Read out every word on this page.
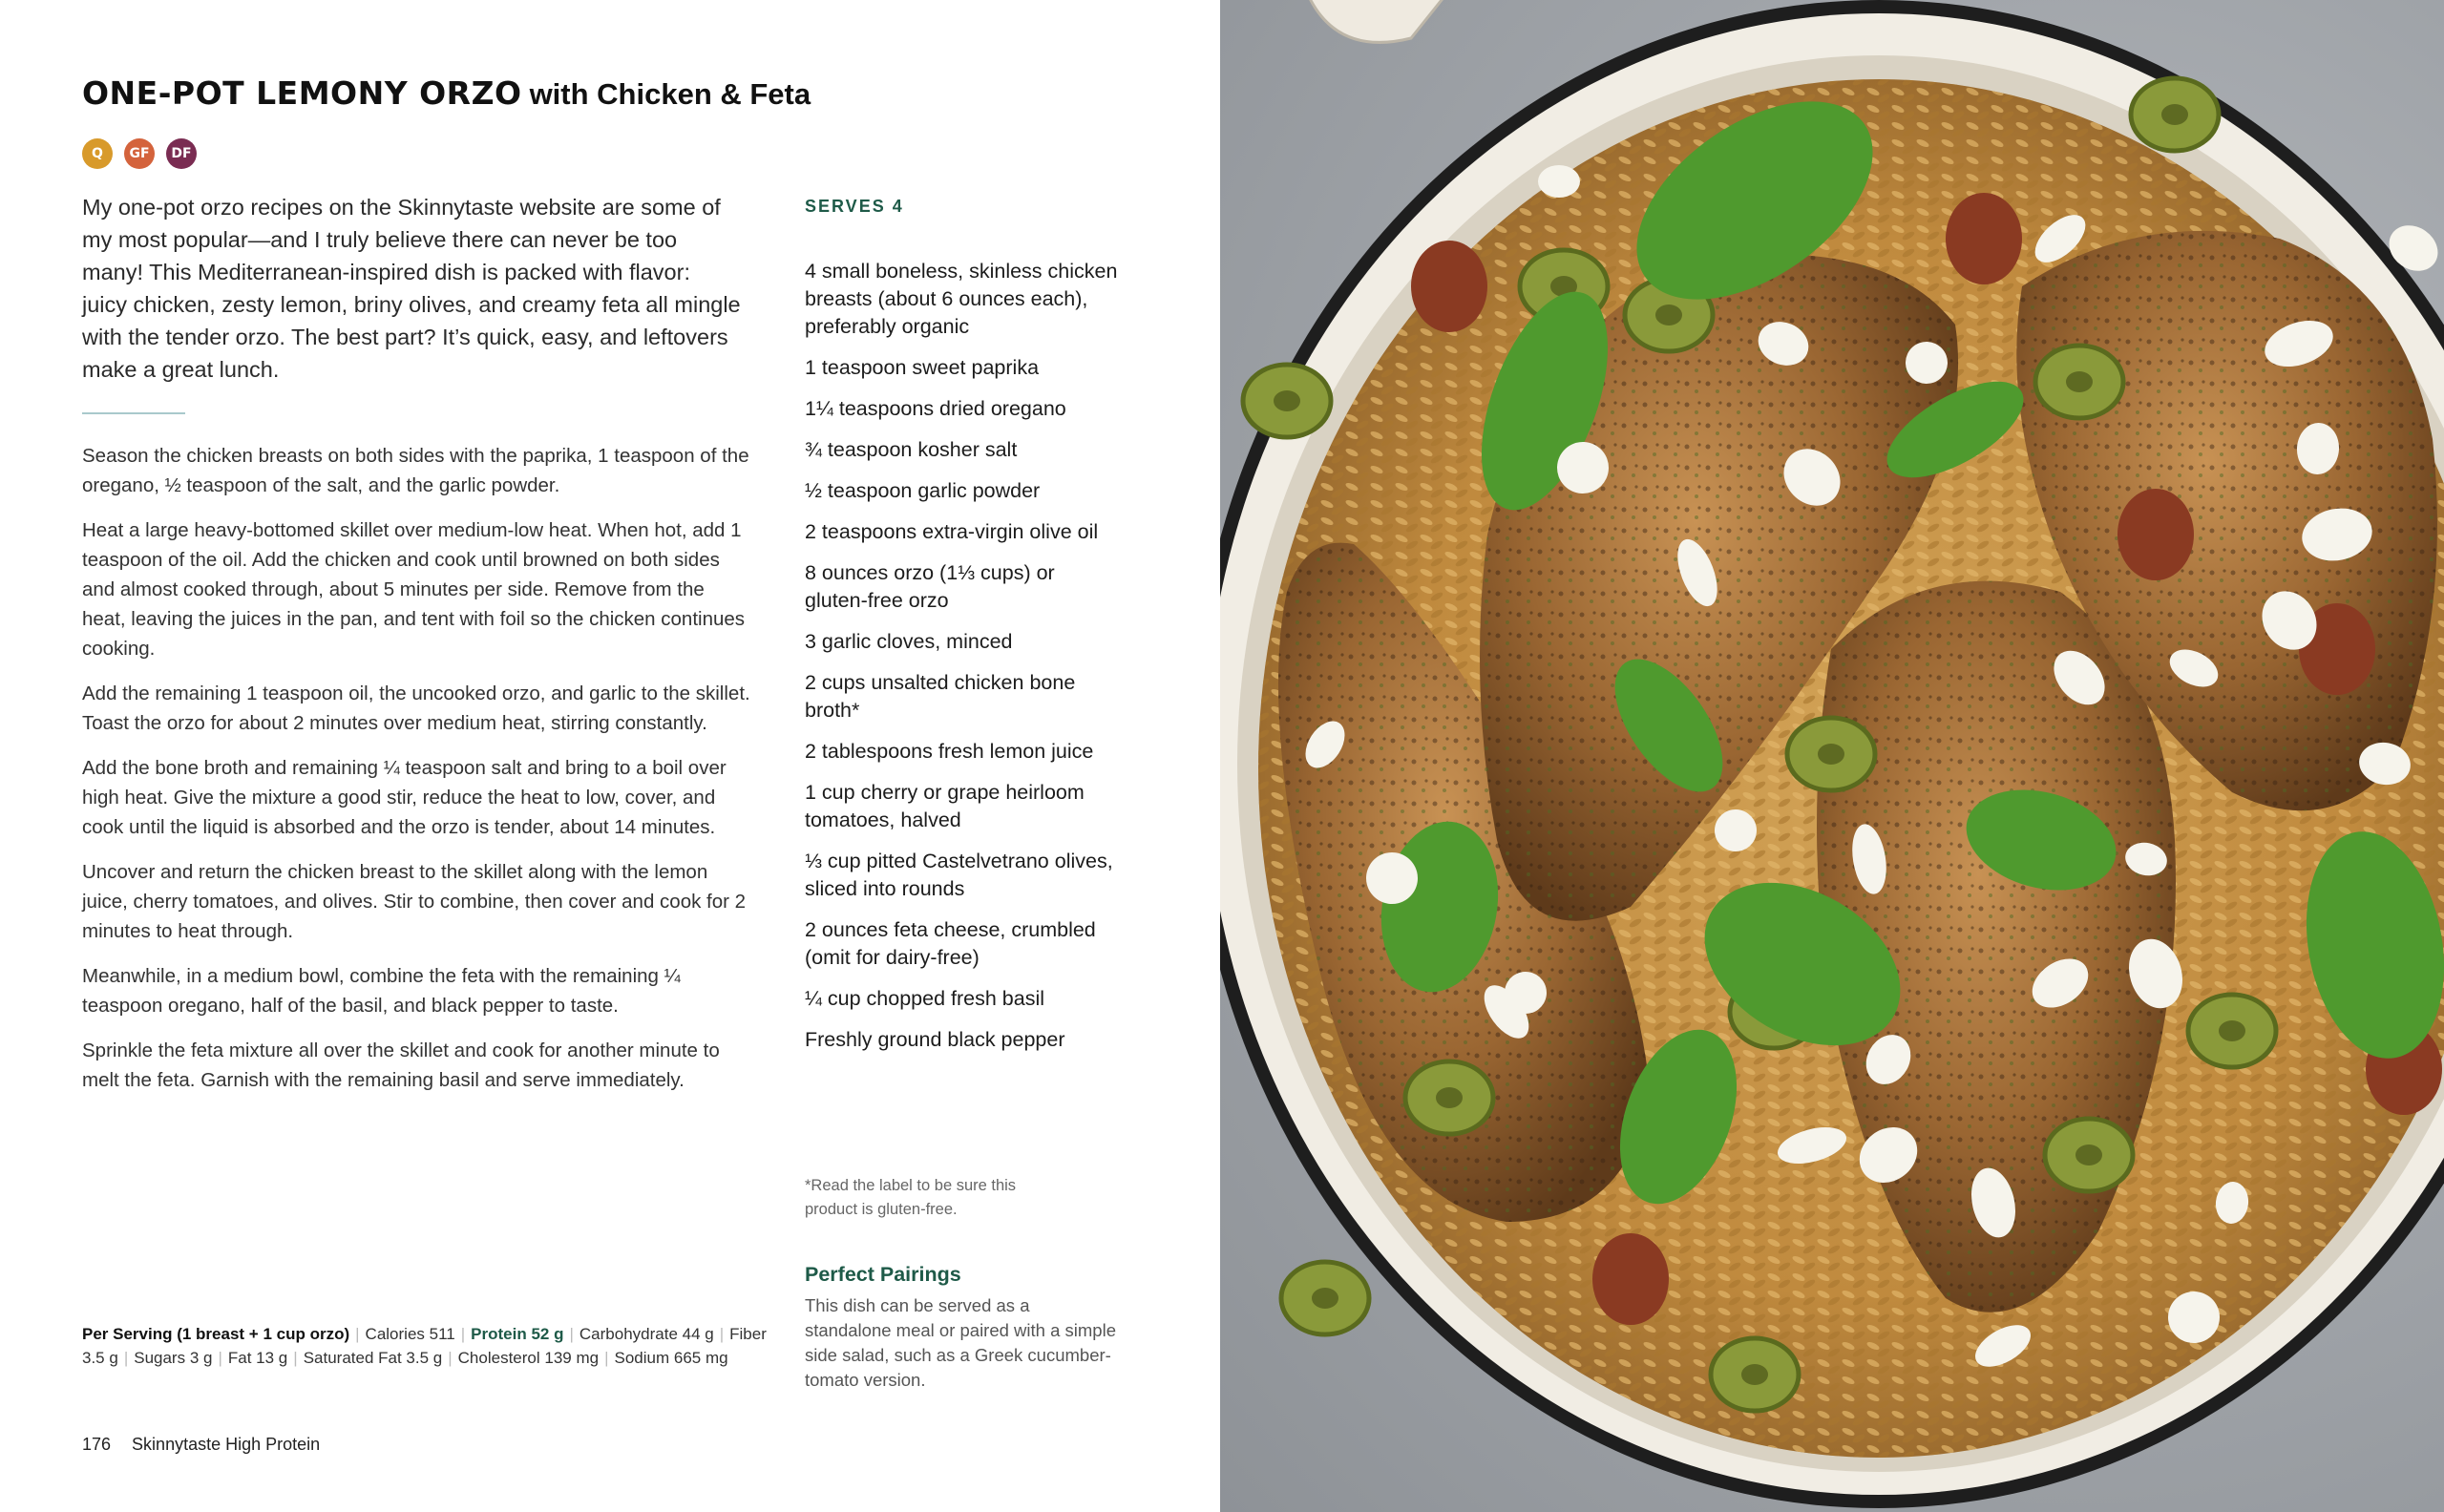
ONE-POT LEMONY ORZO with Chicken & Feta
Q	GF	DF

My one-pot orzo recipes on the Skinnytaste website are some of my most popular—and I truly believe there can never be too many! This Mediterranean-inspired dish is packed with flavor: juicy chicken, zesty lemon, briny olives, and creamy feta all mingle with the tender orzo. The best part? It’s quick, easy, and leftovers make a great lunch.

Season the chicken breasts on both sides with the paprika, 1 teaspoon of the oregano, ½ teaspoon of the salt, and the garlic powder.

Heat a large heavy-bottomed skillet over medium-low heat. When hot, add 1 teaspoon of the oil. Add the chicken and cook until browned on both sides and almost cooked through, about 5 minutes per side. Remove from the heat, leaving the juices in the pan, and tent with foil so the chicken continues cooking.

Add the remaining 1 teaspoon oil, the uncooked orzo, and garlic to the skillet. Toast the orzo for about 2 minutes over medium heat, stirring constantly.

Add the bone broth and remaining ¼ teaspoon salt and bring to a boil over high heat. Give the mixture a good stir, reduce the heat to low, cover, and cook until the liquid is absorbed and the orzo is tender, about 14 minutes.

Uncover and return the chicken breast to the skillet along with the lemon juice, cherry tomatoes, and olives. Stir to combine, then cover and cook for 2 minutes to heat through.

Meanwhile, in a medium bowl, combine the feta with the remaining ¼ teaspoon oregano, half of the basil, and black pepper to taste.

Sprinkle the feta mixture all over the skillet and cook for another minute to melt the feta. Garnish with the remaining basil and serve immediately.

SERVES 4
4 small boneless, skinless chicken breasts (about 6 ounces each), preferably organic
1 teaspoon sweet paprika
1¼ teaspoons dried oregano
¾ teaspoon kosher salt
½ teaspoon garlic powder
2 teaspoons extra-virgin olive oil
8 ounces orzo (1⅓ cups) or gluten-free orzo
3 garlic cloves, minced
2 cups unsalted chicken bone broth*
2 tablespoons fresh lemon juice
1 cup cherry or grape heirloom tomatoes, halved
⅓ cup pitted Castelvetrano olives, sliced into rounds
2 ounces feta cheese, crumbled (omit for dairy-free)
¼ cup chopped fresh basil
Freshly ground black pepper

*Read the label to be sure this product is gluten-free.

Perfect Pairings

This dish can be served as a standalone meal or paired with a simple side salad, such as a Greek cucumber-tomato version.

Per Serving (1 breast + 1 cup orzo) | Calories 511 | Protein 52 g | Carbohydrate 44 g | Fiber 3.5 g | Sugars 3 g | Fat 13 g | Saturated Fat 3.5 g | Cholesterol 139 mg | Sodium 665 mg
176 Skinnytaste High Protein
